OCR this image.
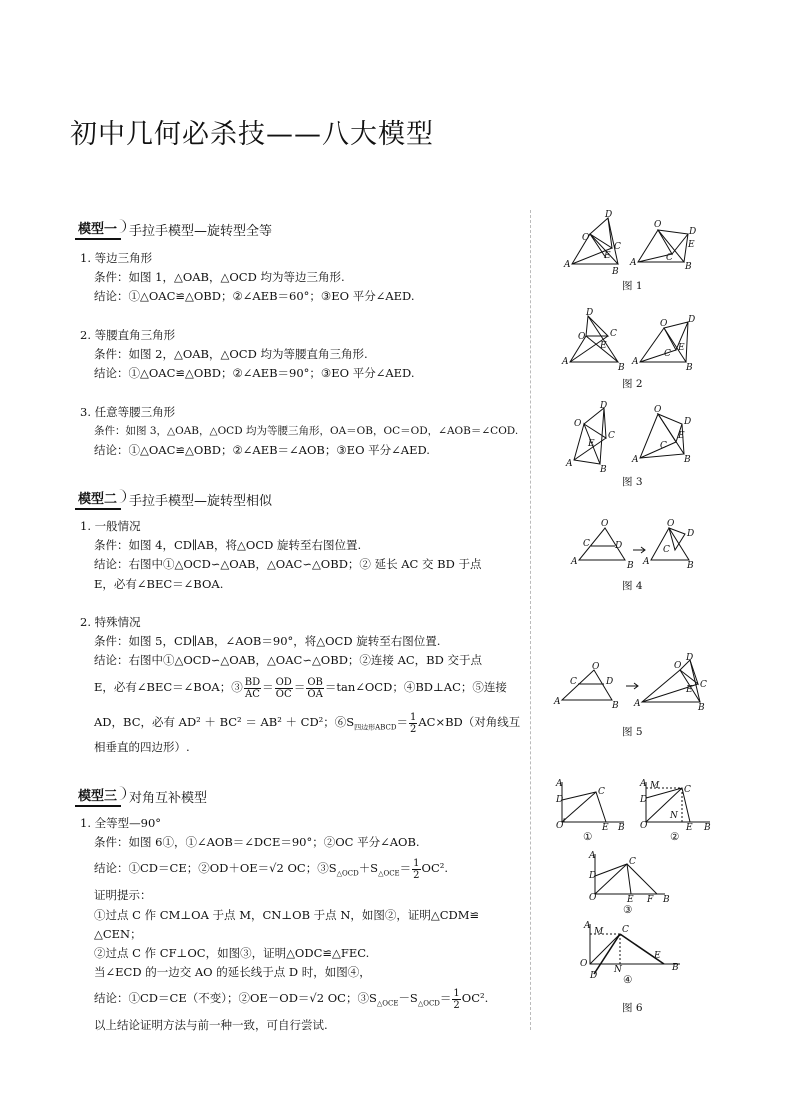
初中几何必杀技——八大模型
模型一 手拉手模型—旋转型全等
1. 等边三角形
条件：如图 1，△OAB，△OCD 均为等边三角形.
结论：①△OAC≌△OBD；②∠AEB＝60°；③EO 平分∠AED.
2. 等腰直角三角形
条件：如图 2，△OAB，△OCD 均为等腰直角三角形.
结论：①△OAC≌△OBD；②∠AEB＝90°；③EO 平分∠AED.
3. 任意等腰三角形
条件：如图 3，△OAB，△OCD 均为等腰三角形，OA＝OB，OC＝OD，∠AOB＝∠COD.
结论：①△OAC≌△OBD；②∠AEB＝∠AOB；③EO 平分∠AED.
模型二 手拉手模型—旋转型相似
1. 一般情况
条件：如图 4，CD∥AB，将△OCD 旋转至右图位置.
结论：右图中①△OCD∽△OAB，△OAC∽△OBD；② 延长 AC 交 BD 于点
E，必有∠BEC＝∠BOA.
2. 特殊情况
条件：如图 5，CD∥AB，∠AOB＝90°，将△OCD 旋转至右图位置.
结论：右图中①△OCD∽△OAB，△OAC∽△OBD；②连接 AC，BD 交于点
E，必有∠BEC＝∠BOA；③ $\frac{BD}{AC} = \frac{OD}{OC} = \frac{OB}{OA}$ ＝tan∠OCD；④BD⊥AC；⑤连接
AD，BC，必有 AD² ＋ BC² ＝ AB² ＋ CD²；$⑥S_{四边形ABCD}= \frac{1}{2} AC\times BD$（对角线互
相垂直的四边形）.
模型三 对角互补模型
1. 全等型—90°
条件：如图 6①，①∠AOB＝∠DCE＝90°；②OC 平分∠AOB.
结论：①CD＝CE；②OD＋OE＝√2 OC；$③S_{\triangle OCD}+S_{\triangle OCE}= \frac{1}{2} OC^2$.
证明提示：
①过点 C 作 CM⊥OA 于点 M，CN⊥OB 于点 N，如图②，证明△CDM≌
△CEN；
②过点 C 作 CF⊥OC，如图③，证明△ODC≌△FEC.
当∠ECD 的一边交 AO 的延长线于点 D 时，如图④，
结论：①CD＝CE（不变）；②OE－OD＝√2 OC；$③S_{\triangle OCE}-S_{\triangle OCD}= \frac{1}{2} OC^2$.
以上结论证明方法与前一种一致，可自行尝试.
A
O
D
C
E
B
A
O
D
E
C
B
图 1
A
O
D
C
E
B
A
O D
E
C
B
图 2
A
O
D
C
E
B
A
O
D
E
C
B
图 3
A
O
C	D
B A
O
D
C
B
图 4
A
O
C	D
B A
O
D
C
E
B
图 5
A
D
C
O	E B
①
A M
D
C
N
O	E B
②
A
D
C
O	E F B
③
A
M C
O
D
N
E
B
④
图 6
